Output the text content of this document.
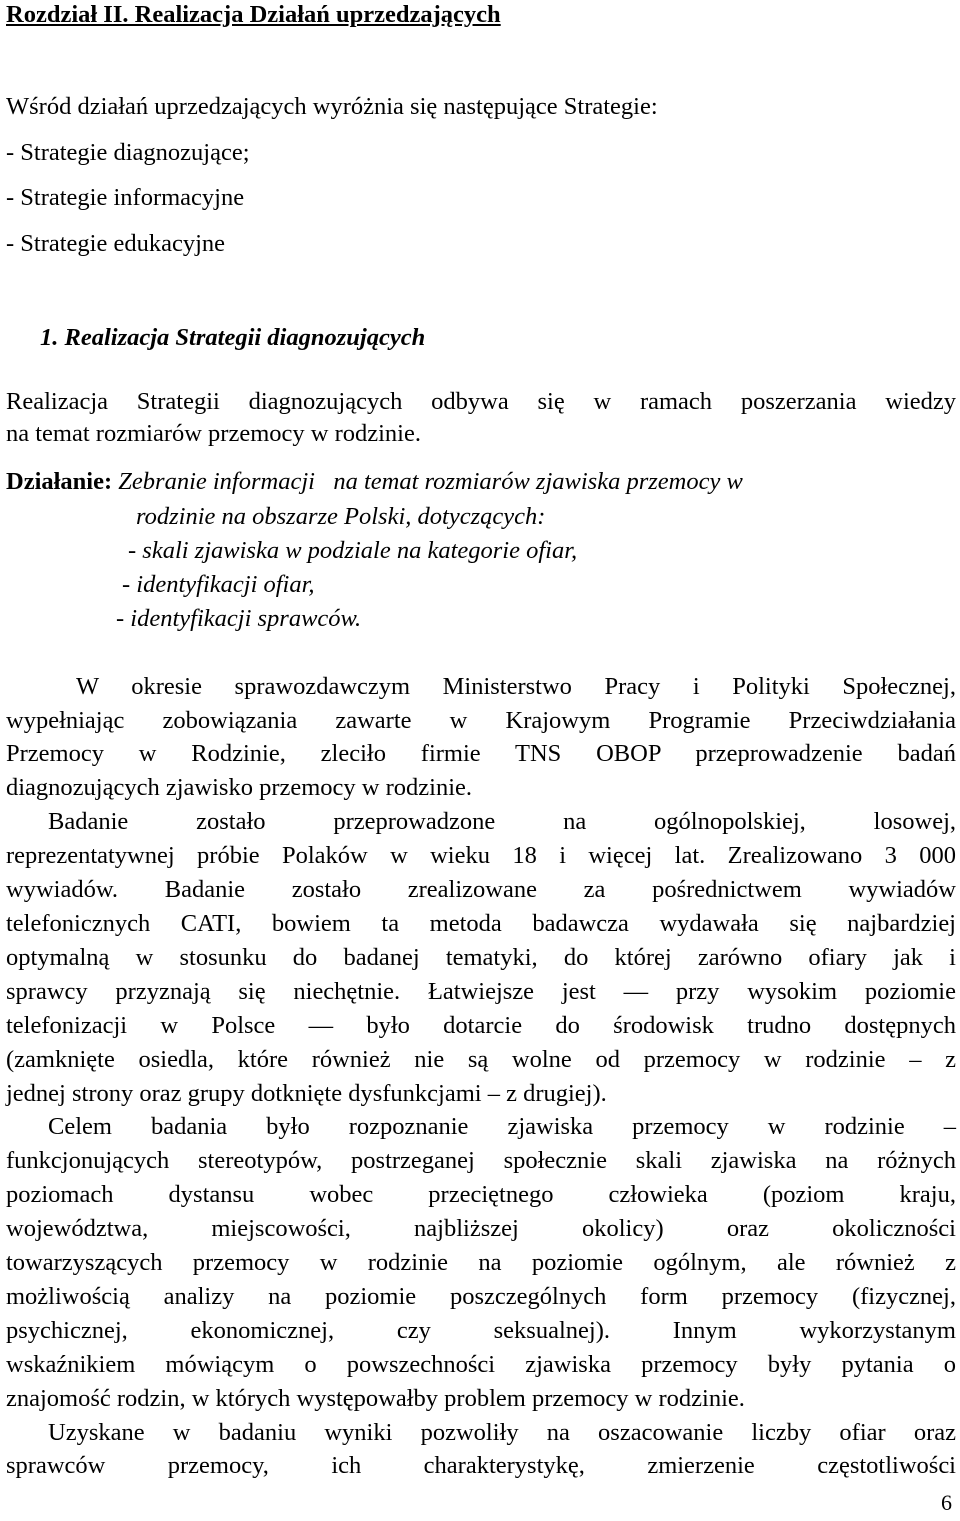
Rozdział II. Realizacja Działań uprzedzających
Wśród działań uprzedzających wyróżnia się następujące Strategie:
- Strategie diagnozujące;
- Strategie informacyjne
- Strategie edukacyjne
1. Realizacja Strategii diagnozujących
Realizacja Strategii diagnozujących odbywa się w ramach poszerzania wiedzy
na temat rozmiarów przemocy w rodzinie.
Działanie: Zebranie informacji   na temat rozmiarów zjawiska przemocy w
rodzinie na obszarze Polski, dotyczących:
- skali zjawiska w podziale na kategorie ofiar,
- identyfikacji ofiar,
- identyfikacji sprawców.
W okresie sprawozdawczym Ministerstwo Pracy i Polityki Społecznej,
wypełniając zobowiązania zawarte w Krajowym Programie Przeciwdziałania
Przemocy w Rodzinie, zleciło firmie TNS OBOP przeprowadzenie badań
diagnozujących zjawisko przemocy w rodzinie.
Badanie zostało przeprowadzone na ogólnopolskiej, losowej,
reprezentatywnej próbie Polaków w wieku 18 i więcej lat. Zrealizowano 3 000
wywiadów. Badanie zostało zrealizowane za pośrednictwem wywiadów
telefonicznych CATI, bowiem ta metoda badawcza wydawała się najbardziej
optymalną w stosunku do badanej tematyki, do której zarówno ofiary jak i
sprawcy przyznają się niechętnie. Łatwiejsze jest — przy wysokim poziomie
telefonizacji w Polsce — było dotarcie do środowisk trudno dostępnych
(zamknięte osiedla, które również nie są wolne od przemocy w rodzinie – z
jednej strony oraz grupy dotknięte dysfunkcjami – z drugiej).
Celem badania było rozpoznanie zjawiska przemocy w rodzinie –
funkcjonujących stereotypów, postrzeganej społecznie skali zjawiska na różnych
poziomach dystansu wobec przeciętnego człowieka (poziom kraju,
województwa, miejscowości, najbliższej okolicy) oraz okoliczności
towarzyszących przemocy w rodzinie na poziomie ogólnym, ale również z
możliwością analizy na poziomie poszczególnych form przemocy (fizycznej,
psychicznej, ekonomicznej, czy seksualnej). Innym wykorzystanym
wskaźnikiem mówiącym o powszechności zjawiska przemocy były pytania o
znajomość rodzin, w których występowałby problem przemocy w rodzinie.
Uzyskane w badaniu wyniki pozwoliły na oszacowanie liczby ofiar oraz
sprawców przemocy, ich charakterystykę, zmierzenie częstotliwości
6
